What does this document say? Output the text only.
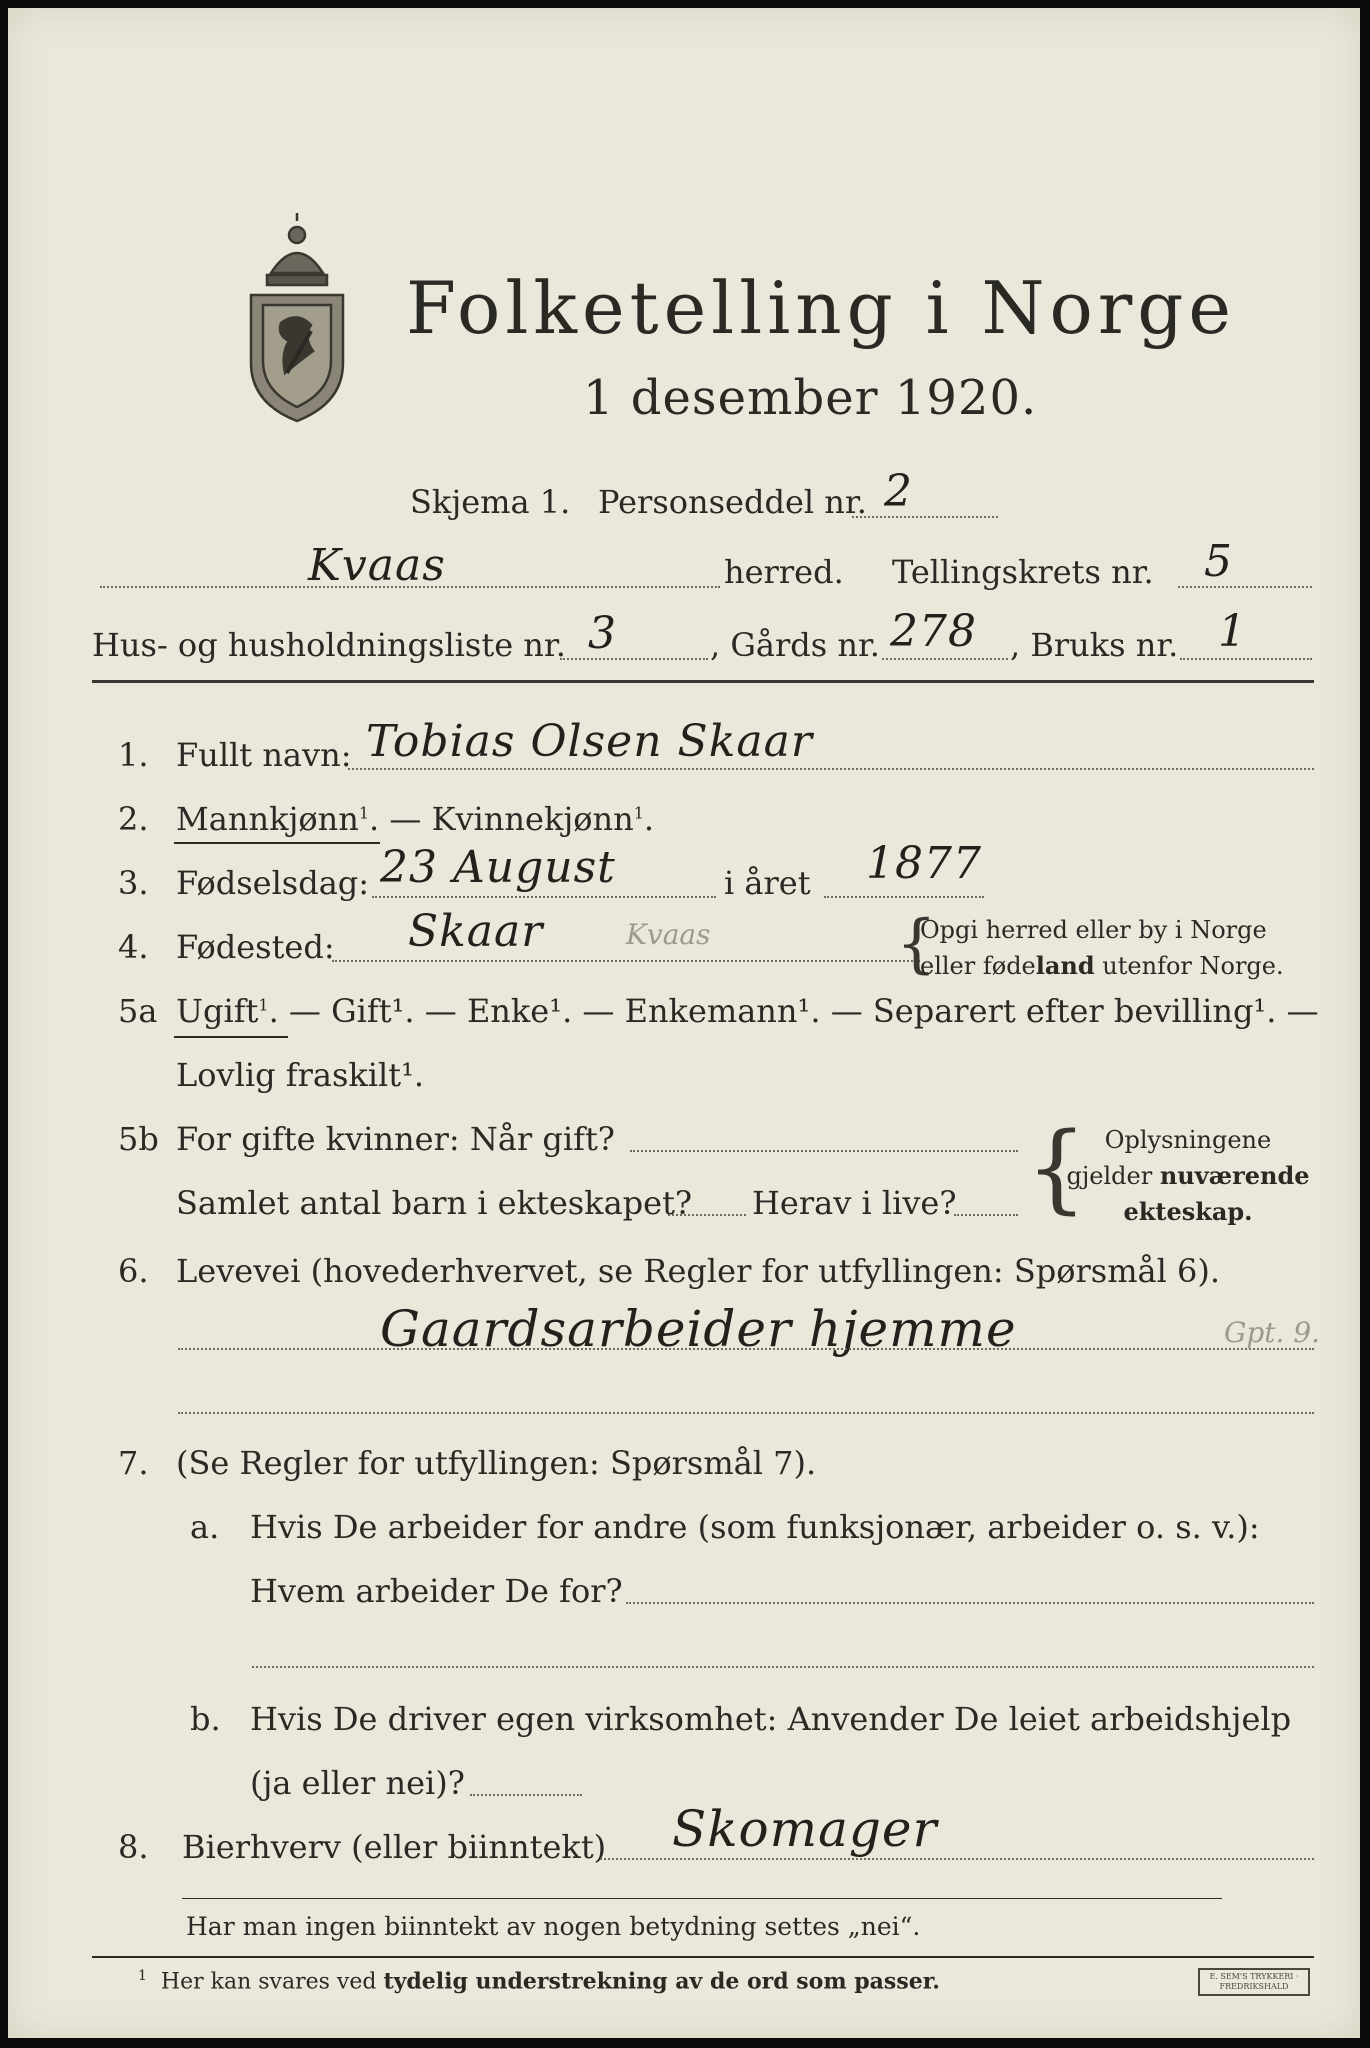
Folketelling i Norge
1 desember 1920.
Skjema 1. Personseddel nr. 2
Kvaas	herred. Tellingskrets nr. 5
Hus- og husholdningsliste nr. 3	, Gårds nr. 278 , Bruks nr. 1
1. Fullt navn: Tobias Olsen Skaar
2. Mannkjønn$^1$. — Kvinnekjønn$^1$.
3. Fødselsdag: 23 August	i året 1877
4. Fødested: Skaar	Kvaas	{
Opgi herred eller by i Norge
eller fødeland utenfor Norge.
5a Ugift$^1$. — Gift¹. — Enke¹. — Enkemann¹. — Separert efter bevilling¹. —
Lovlig fraskilt¹.
5b For gifte kvinner: Når gift?
Samlet antal barn i ekteskapet? Herav i live? { Oplysningene
gjelder nuværende
ekteskap.
6. Levevei (hovederhvervet, se Regler for utfyllingen: Spørsmål 6).
Gaardsarbeider hjemme	Gpt. 9.
7. (Se Regler for utfyllingen: Spørsmål 7).
a. Hvis De arbeider for andre (som funksjonær, arbeider o. s. v.):
Hvem arbeider De for?
b. Hvis De driver egen virksomhet: Anvender De leiet arbeidshjelp
(ja eller nei)?
8. Bierhverv (eller biinntekt) Skomager
Har man ingen biinntekt av nogen betydning settes „nei“.
$^1$ Her kan svares ved tydelig understrekning av de ord som passer.	E. SEM'S TRYKKERI · FREDRIKSHALD
